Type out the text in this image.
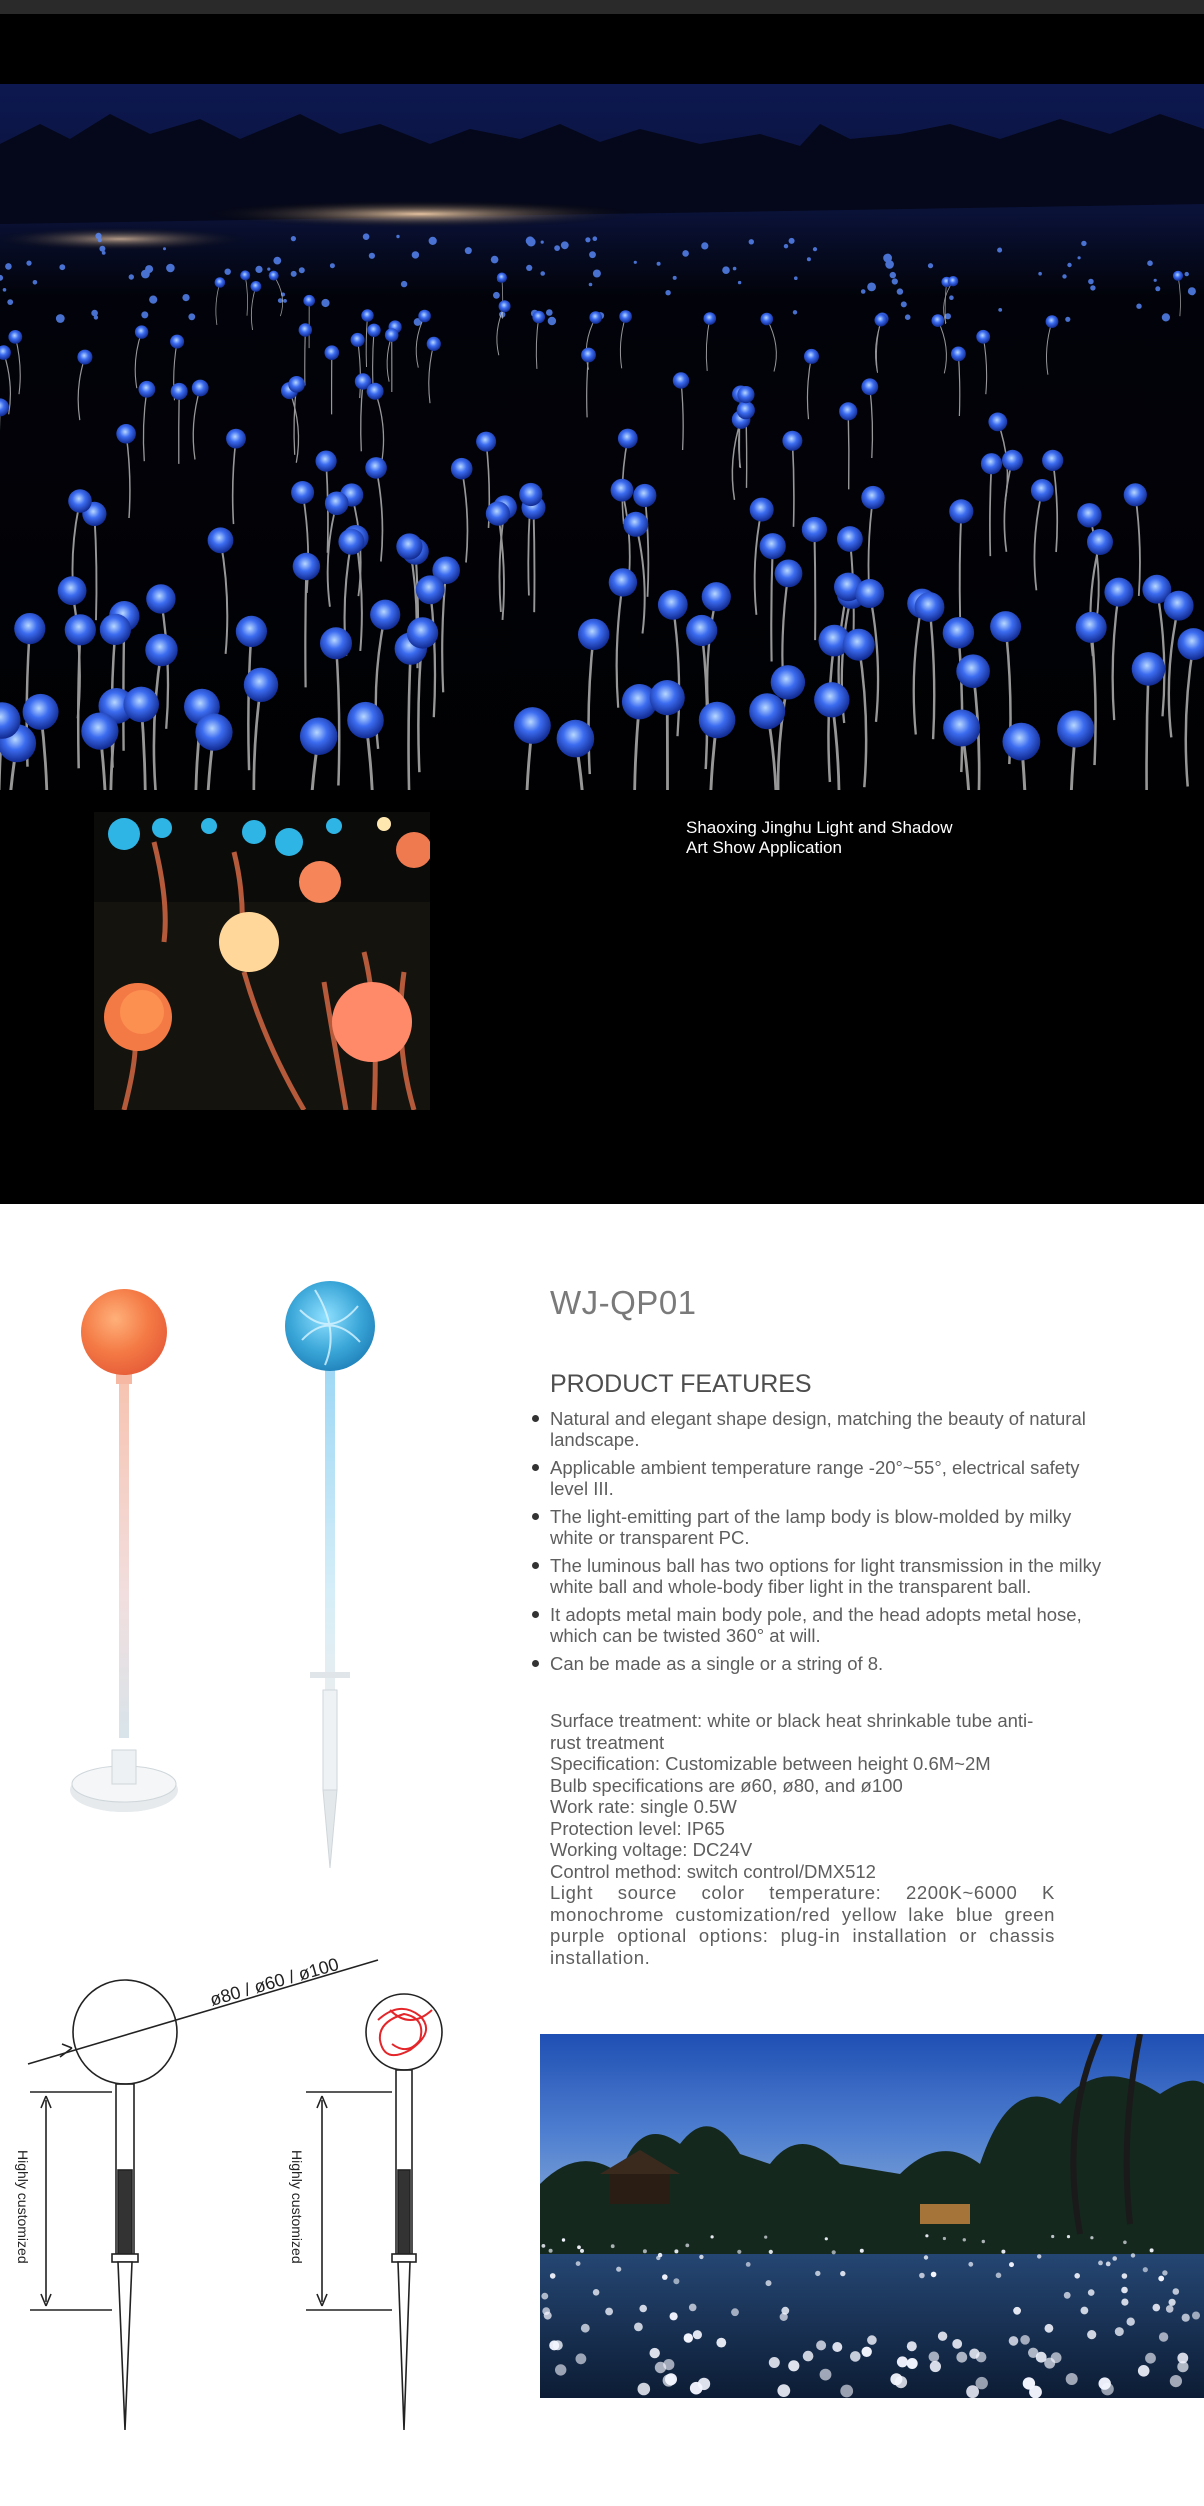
Shaoxing Jinghu Light and Shadow
Art Show Application
WJ-QP01
PRODUCT FEATURES
Natural and elegant shape design, matching the beauty of natural landscape.
Applicable ambient temperature range -20°~55°, electrical safety level III.
The light-emitting part of the lamp body is blow-molded by milky white or transparent PC.
The luminous ball has two options for light transmission in the milky white ball and whole-body fiber light in the transparent ball.
It adopts metal main body pole, and the head adopts metal hose, which can be twisted 360° at will.
Can be made as a single or a string of 8.
Surface treatment: white or black heat shrinkable tube anti-rust treatment
Specification: Customizable between height 0.6M~2M
Bulb specifications are ø60, ø80, and ø100
Work rate: single 0.5W
Protection level: IP65
Working voltage: DC24V
Control method: switch control/DMX512
Light source color temperature: 2200K~6000 K monochrome customization/red yellow lake blue green purple optional options: plug-in installation or chassis installation.
ø80 / ø60 / ø100
Highly customized	Highly customized
